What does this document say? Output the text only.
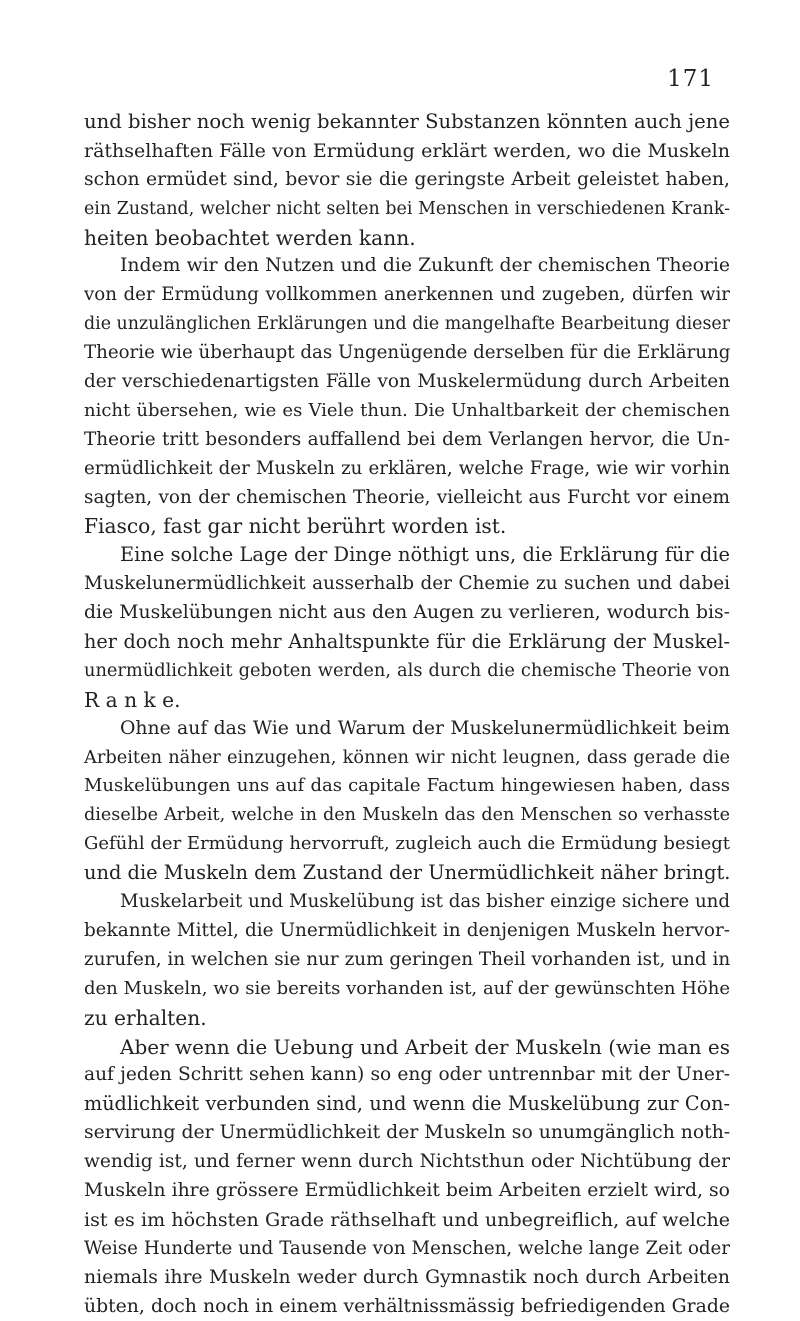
171
und bisher noch wenig bekannter Substanzen könnten auch jene
räthselhaften Fälle von Ermüdung erklärt werden, wo die Muskeln
schon ermüdet sind, bevor sie die geringste Arbeit geleistet haben,
ein Zustand, welcher nicht selten bei Menschen in verschiedenen Krank-
heiten beobachtet werden kann.
Indem wir den Nutzen und die Zukunft der chemischen Theorie
von der Ermüdung vollkommen anerkennen und zugeben, dürfen wir
die unzulänglichen Erklärungen und die mangelhafte Bearbeitung dieser
Theorie wie überhaupt das Ungenügende derselben für die Erklärung
der verschiedenartigsten Fälle von Muskelermüdung durch Arbeiten
nicht übersehen, wie es Viele thun. Die Unhaltbarkeit der chemischen
Theorie tritt besonders auffallend bei dem Verlangen hervor, die Un-
ermüdlichkeit der Muskeln zu erklären, welche Frage, wie wir vorhin
sagten, von der chemischen Theorie, vielleicht aus Furcht vor einem
Fiasco, fast gar nicht berührt worden ist.
Eine solche Lage der Dinge nöthigt uns, die Erklärung für die
Muskelunermüdlichkeit ausserhalb der Chemie zu suchen und dabei
die Muskelübungen nicht aus den Augen zu verlieren, wodurch bis-
her doch noch mehr Anhaltspunkte für die Erklärung der Muskel-
unermüdlichkeit geboten werden, als durch die chemische Theorie von
R a n k e.
Ohne auf das Wie und Warum der Muskelunermüdlichkeit beim
Arbeiten näher einzugehen, können wir nicht leugnen, dass gerade die
Muskelübungen uns auf das capitale Factum hingewiesen haben, dass
dieselbe Arbeit, welche in den Muskeln das den Menschen so verhasste
Gefühl der Ermüdung hervorruft, zugleich auch die Ermüdung besiegt
und die Muskeln dem Zustand der Unermüdlichkeit näher bringt.
Muskelarbeit und Muskelübung ist das bisher einzige sichere und
bekannte Mittel, die Unermüdlichkeit in denjenigen Muskeln hervor-
zurufen, in welchen sie nur zum geringen Theil vorhanden ist, und in
den Muskeln, wo sie bereits vorhanden ist, auf der gewünschten Höhe
zu erhalten.
Aber wenn die Uebung und Arbeit der Muskeln (wie man es
auf jeden Schritt sehen kann) so eng oder untrennbar mit der Uner-
müdlichkeit verbunden sind, und wenn die Muskelübung zur Con-
servirung der Unermüdlichkeit der Muskeln so unumgänglich noth-
wendig ist, und ferner wenn durch Nichtsthun oder Nichtübung der
Muskeln ihre grössere Ermüdlichkeit beim Arbeiten erzielt wird, so
ist es im höchsten Grade räthselhaft und unbegreiflich, auf welche
Weise Hunderte und Tausende von Menschen, welche lange Zeit oder
niemals ihre Muskeln weder durch Gymnastik noch durch Arbeiten
übten, doch noch in einem verhältnissmässig befriedigenden Grade
